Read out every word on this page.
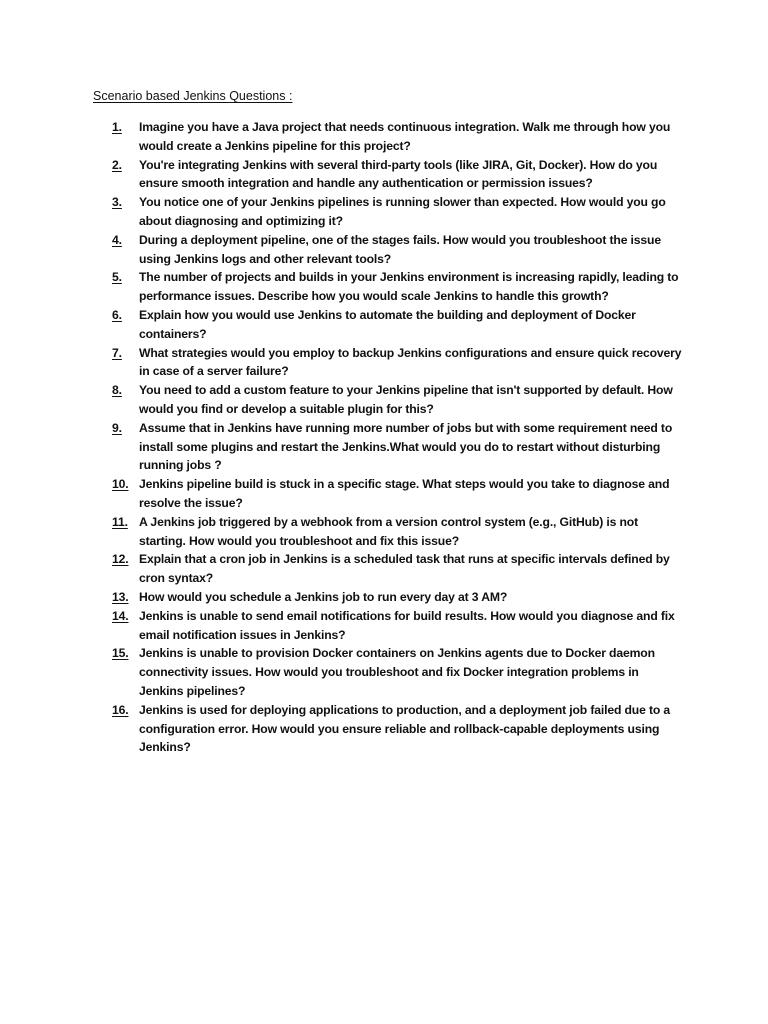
Scenario based Jenkins Questions :
1.	Imagine you have a Java project that needs continuous integration. Walk me through how you would create a Jenkins pipeline for this project?
2.	You're integrating Jenkins with several third-party tools (like JIRA, Git, Docker). How do you ensure smooth integration and handle any authentication or permission issues?
3.	You notice one of your Jenkins pipelines is running slower than expected. How would you go about diagnosing and optimizing it?
4.	During a deployment pipeline, one of the stages fails. How would you troubleshoot the issue using Jenkins logs and other relevant tools?
5.	The number of projects and builds in your Jenkins environment is increasing rapidly, leading to performance issues. Describe how you would scale Jenkins to handle this growth?
6.	Explain how you would use Jenkins to automate the building and deployment of Docker containers?
7.	What strategies would you employ to backup Jenkins configurations and ensure quick recovery in case of a server failure?
8.	You need to add a custom feature to your Jenkins pipeline that isn't supported by default. How would you find or develop a suitable plugin for this?
9.	Assume that in Jenkins have running more number of jobs but with some requirement need to install some plugins and restart the Jenkins.What would you do to restart without disturbing running jobs ?
10. Jenkins pipeline build is stuck in a specific stage. What steps would you take to diagnose and resolve the issue?
11. A Jenkins job triggered by a webhook from a version control system (e.g., GitHub) is not starting. How would you troubleshoot and fix this issue?
12. Explain that a cron job in Jenkins is a scheduled task that runs at specific intervals defined by cron syntax?
13. How would you schedule a Jenkins job to run every day at 3 AM?
14. Jenkins is unable to send email notifications for build results. How would you diagnose and fix email notification issues in Jenkins?
15. Jenkins is unable to provision Docker containers on Jenkins agents due to Docker daemon connectivity issues. How would you troubleshoot and fix Docker integration problems in Jenkins pipelines?
16. Jenkins is used for deploying applications to production, and a deployment job failed due to a configuration error. How would you ensure reliable and rollback-capable deployments using Jenkins?
